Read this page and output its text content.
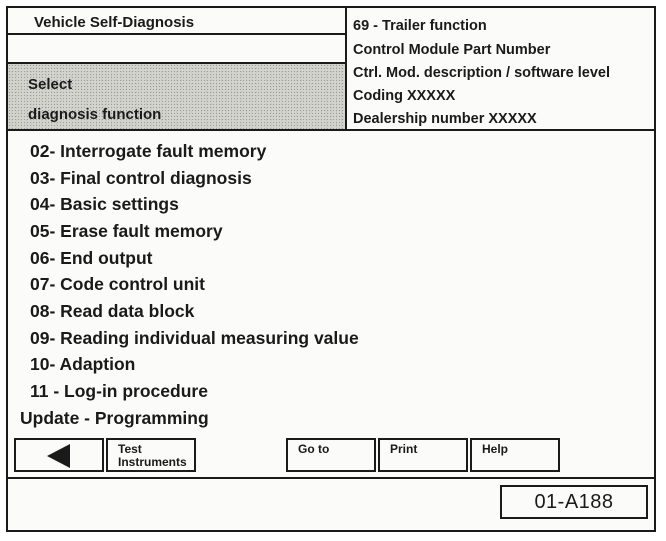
Vehicle Self-Diagnosis
Select
diagnosis function
69 - Trailer function
Control Module Part Number
Ctrl. Mod. description / software level
Coding XXXXX
Dealership number XXXXX
02- Interrogate fault memory
03- Final control diagnosis
04- Basic settings
05- Erase fault memory
06- End output
07- Code control unit
08- Read data block
09- Reading individual measuring value
10- Adaption
11 - Log-in procedure
Update - Programming
Test
Instruments
Go to	Print	Help
01-A188
